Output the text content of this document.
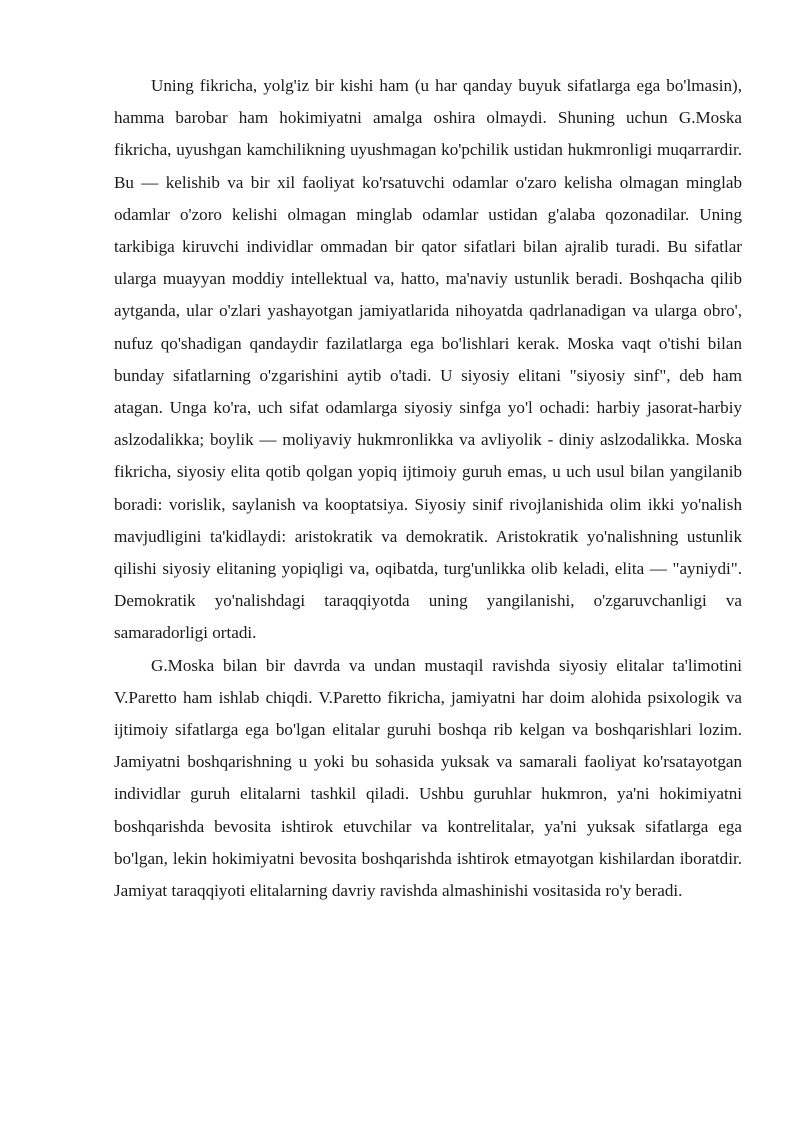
Uning fikricha, yolg'iz bir kishi ham (u har qanday buyuk sifatlarga ega bo'lmasin), hamma barobar ham hokimiyatni amalga oshira olmaydi. Shuning uchun G.Moska fikricha, uyushgan kamchilikning uyushmagan ko'pchilik ustidan hukmronligi muqarrardir. Bu — kelishib va bir xil faoliyat ko'rsatuvchi odamlar o'zaro kelisha olmagan minglab odamlar o'zoro kelishi olmagan minglab odamlar ustidan g'alaba qozonadilar. Uning tarkibiga kiruvchi individlar ommadan bir qator sifatlari bilan ajralib turadi. Bu sifatlar ularga muayyan moddiy intellektual va, hatto, ma'naviy ustunlik beradi. Boshqacha qilib aytganda, ular o'zlari yashayotgan jamiyatlarida nihoyatda qadrlanadigan va ularga obro', nufuz qo'shadigan qandaydir fazilatlarga ega bo'lishlari kerak. Moska vaqt o'tishi bilan bunday sifatlarning o'zgarishini aytib o'tadi. U siyosiy elitani "siyosiy sinf", deb ham atagan. Unga ko'ra, uch sifat odamlarga siyosiy sinfga yo'l ochadi: harbiy jasorat-harbiy aslzodalikka; boylik — moliyaviy hukmronlikka va avliyolik - diniy aslzodalikka. Moska fikricha, siyosiy elita qotib qolgan yopiq ijtimoiy guruh emas, u uch usul bilan yangilanib boradi: vorislik, saylanish va kooptatsiya. Siyosiy sinif rivojlanishida olim ikki yo'nalish mavjudligini ta'kidlaydi: aristokratik va demokratik. Aristokratik yo'nalishning ustunlik qilishi siyosiy elitaning yopiqligi va, oqibatda, turg'unlikka olib keladi, elita — "ayniydi". Demokratik yo'nalishdagi taraqqiyotda uning yangilanishi, o'zgaruvchanligi va samaradorligi ortadi.

G.Moska bilan bir davrda va undan mustaqil ravishda siyosiy elitalar ta'limotini V.Paretto ham ishlab chiqdi. V.Paretto fikricha, jamiyatni har doim alohida psixologik va ijtimoiy sifatlarga ega bo'lgan elitalar guruhi boshqa rib kelgan va boshqarishlari lozim. Jamiyatni boshqarishning u yoki bu sohasida yuksak va samarali faoliyat ko'rsatayotgan individlar guruh elitalarni tashkil qiladi. Ushbu guruhlar hukmron, ya'ni hokimiyatni boshqarishda bevosita ishtirok etuvchilar va kontrelitalar, ya'ni yuksak sifatlarga ega bo'lgan, lekin hokimiyatni bevosita boshqarishda ishtirok etmayotgan kishilardan iboratdir. Jamiyat taraqqiyoti elitalarning davriy ravishda almashinishi vositasida ro'y beradi.
